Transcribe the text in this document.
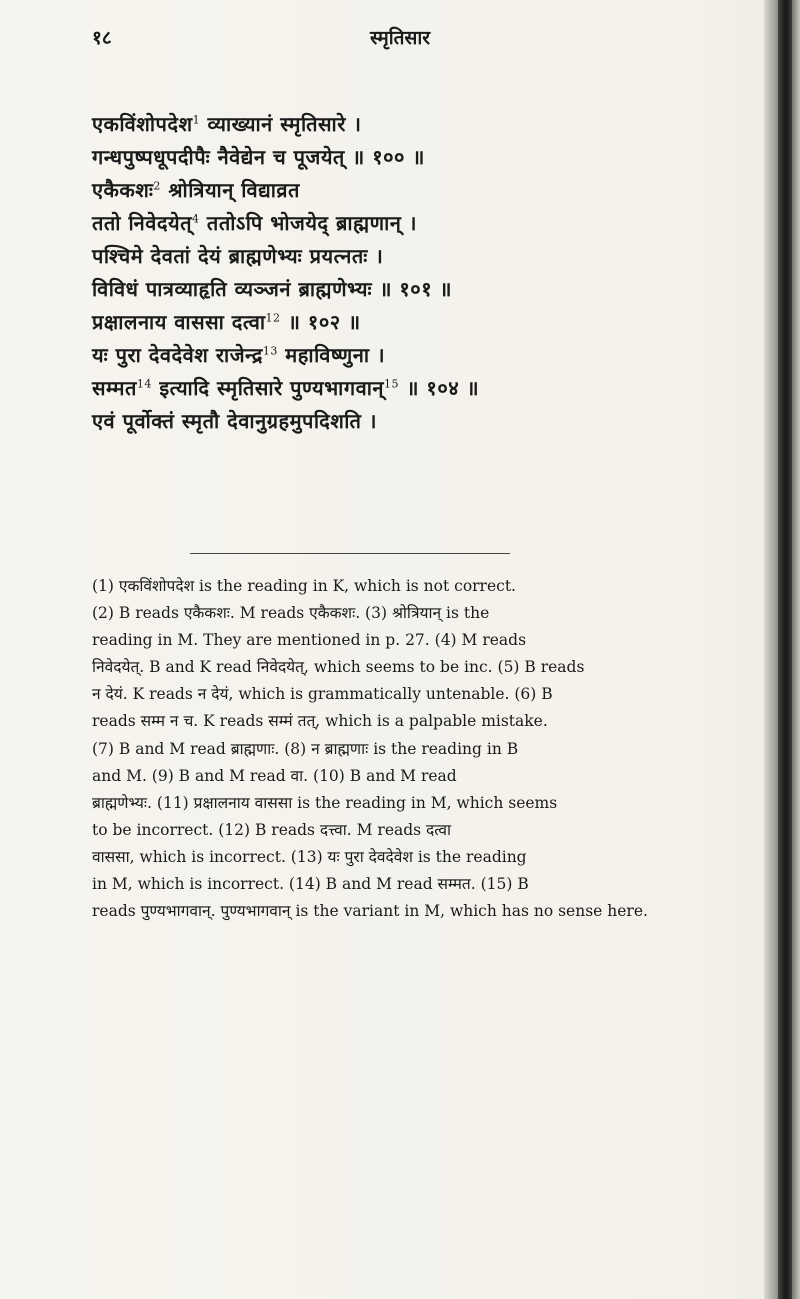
१८	स्मृतिसार
एकविंशोपदेश$^1$ व्याख्यानं स्मृतिसारे ।
गन्धपुष्पधूपदीपैः नैवेद्येन च पूजयेत् ॥ १०० ॥
एकैकशः$^2$ श्रोत्रियान् विद्याव्रत
ततो निवेदयेत्$^4$ ततोऽपि भोजयेद् ब्राह्मणान् ।
पश्चिमे देवतां देयं ब्राह्मणेभ्यः प्रयत्नतः ।
विविधं पात्रव्याहृति व्यञ्जनं ब्राह्मणेभ्यः ॥ १०१ ॥
प्रक्षालनाय वाससा दत्वा$^{12}$ ॥ १०२ ॥
यः पुरा देवदेवेश राजेन्द्र$^{13}$ महाविष्णुना ।
सम्मत$^{14}$ इत्यादि स्मृतिसारे पुण्यभागवान्$^{15}$ ॥ १०४ ॥
एवं पूर्वोक्तं स्मृतौ देवानुग्रहमुपदिशति ।
(1) एकविंशोपदेश is the reading in K, which is not correct.
(2) B reads एकैकशः. M reads एकैकशः. (3) श्रोत्रियान् is the
reading in M. They are mentioned in p. 27. (4) M reads
निवेदयेत्. B and K read निवेदयेत्, which seems to be inc. (5) B reads
न देयं. K reads न देयं, which is grammatically untenable. (6) B
reads सम्म न च. K reads सम्मं तत्, which is a palpable mistake.
(7) B and M read ब्राह्मणाः. (8) न ब्राह्मणाः is the reading in B
and M. (9) B and M read वा. (10) B and M read
ब्राह्मणेभ्यः. (11) प्रक्षालनाय वाससा is the reading in M, which seems
to be incorrect. (12) B reads दत्त्वा. M reads दत्वा
वाससा, which is incorrect. (13) यः पुरा देवदेवेश is the reading
in M, which is incorrect. (14) B and M read सम्मत. (15) B
reads पुण्यभागवान्. पुण्यभागवान् is the variant in M, which has no sense here.
